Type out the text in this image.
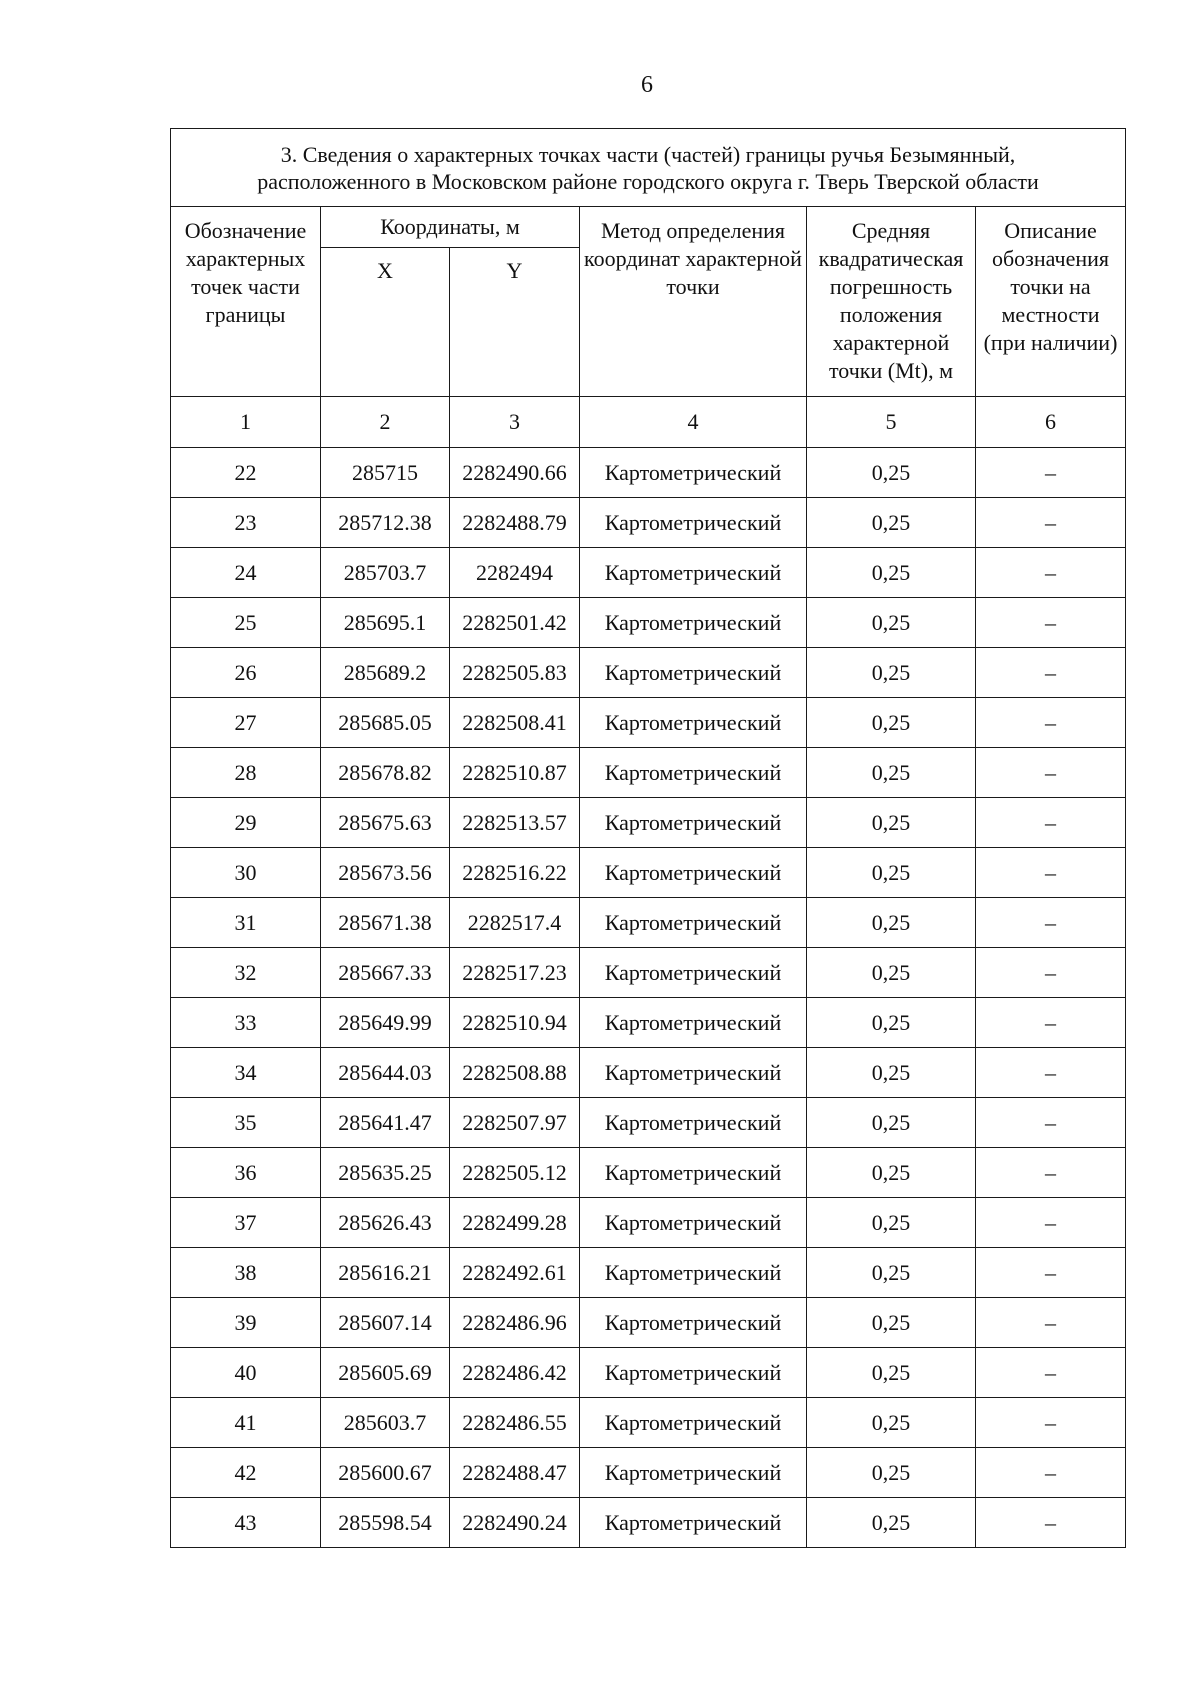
6
3. Сведения о характерных точках части (частей) границы ручья Безымянный,
расположенного в Московском районе городского округа г. Тверь Тверской области					
Обозначение характерных точек части границы	Координаты, м		Метод определения координат характерной точки	Средняя квадратическая погрешность положения характерной точки (Mt), м	Описание обозначения точки на местности (при наличии)
	X	Y			
1	2	3	4	5	6
22	285715	2282490.66	Картометрический	0,25	–
23	285712.38	2282488.79	Картометрический	0,25	–
24	285703.7	2282494	Картометрический	0,25	–
25	285695.1	2282501.42	Картометрический	0,25	–
26	285689.2	2282505.83	Картометрический	0,25	–
27	285685.05	2282508.41	Картометрический	0,25	–
28	285678.82	2282510.87	Картометрический	0,25	–
29	285675.63	2282513.57	Картометрический	0,25	–
30	285673.56	2282516.22	Картометрический	0,25	–
31	285671.38	2282517.4	Картометрический	0,25	–
32	285667.33	2282517.23	Картометрический	0,25	–
33	285649.99	2282510.94	Картометрический	0,25	–
34	285644.03	2282508.88	Картометрический	0,25	–
35	285641.47	2282507.97	Картометрический	0,25	–
36	285635.25	2282505.12	Картометрический	0,25	–
37	285626.43	2282499.28	Картометрический	0,25	–
38	285616.21	2282492.61	Картометрический	0,25	–
39	285607.14	2282486.96	Картометрический	0,25	–
40	285605.69	2282486.42	Картометрический	0,25	–
41	285603.7	2282486.55	Картометрический	0,25	–
42	285600.67	2282488.47	Картометрический	0,25	–
43	285598.54	2282490.24	Картометрический	0,25	–
